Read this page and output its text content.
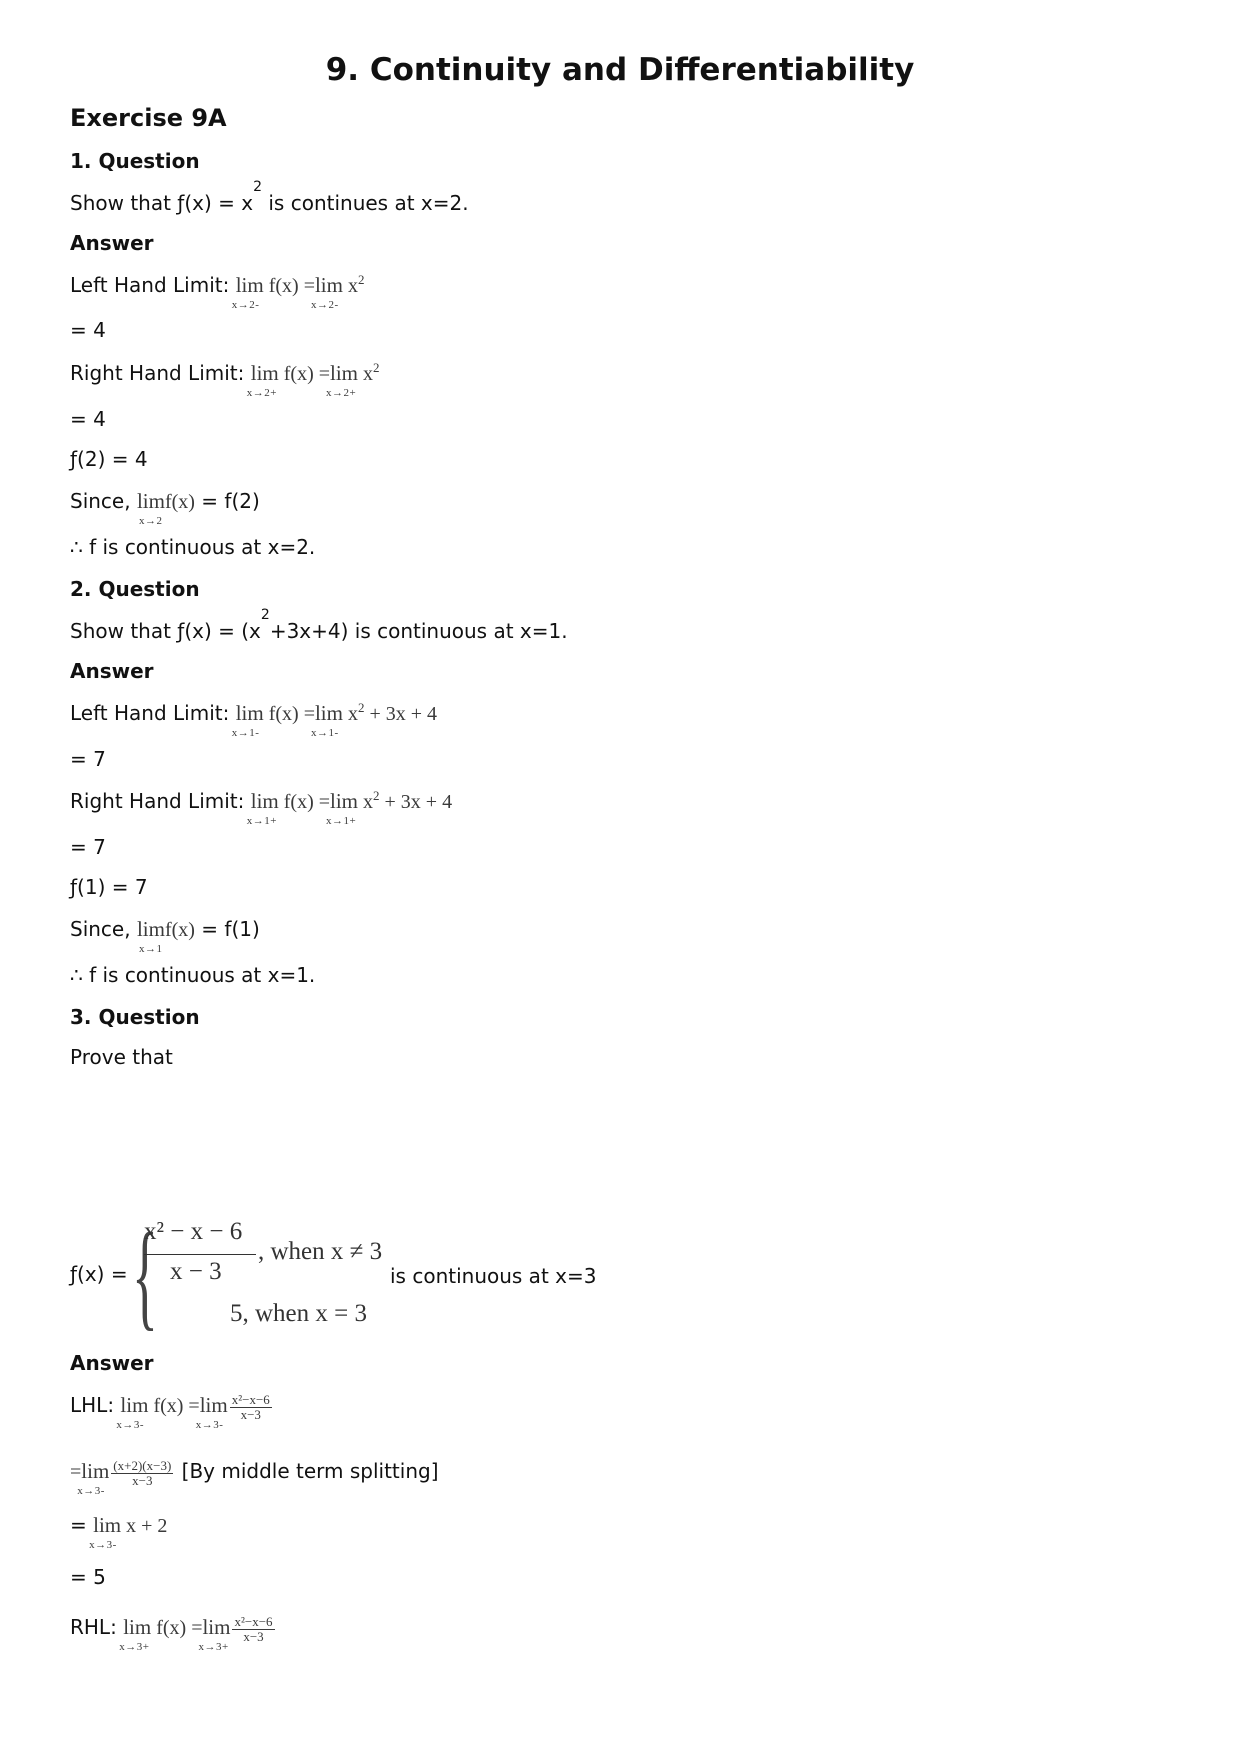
9. Continuity and Differentiability
Exercise 9A
1. Question
Show that ƒ(x) = $x^2$ is continues at x=2.
Answer
Left Hand Limit: lim
x→2-
f(x) =lim
x→2-
$x^2$
= 4
Right Hand Limit: lim
x→2+
f(x) =lim
x→2+
$x^2$
= 4
ƒ(2) = 4
Since, lim
x→2
f(x) = f(2)
∴ f is continuous at x=2.
2. Question
Show that ƒ(x) = $(x^2+3x+4)$ is continuous at x=1.
Answer
Left Hand Limit: lim
x→1-
f(x) =lim
x→1-
$x^2 + 3x + 4$
= 7
Right Hand Limit: lim
x→1+
f(x) =lim
x→1+
$x^2 + 3x + 4$
= 7
ƒ(1) = 7
Since, lim
x→1
f(x) = f(1)
∴ f is continuous at x=1.
3. Question
Prove that
ƒ(x) = {
x² − x − 6
x − 3
, when x ≠ 3
5, when x = 3
is continuous at x=3
Answer
LHL: lim
x→3-
f(x) =lim
x→3-
$\frac{\text{x²−x−6}}{x-3}$
=lim
x→3-
$\frac{(x+2)(x-3)}{x-3} [By$ middle term splitting]
= lim
x→3-
x + 2
= 5
RHL: lim
x→3+
f(x) =lim
x→3+
$\frac{\text{x²−x−6}}{x-3}$
